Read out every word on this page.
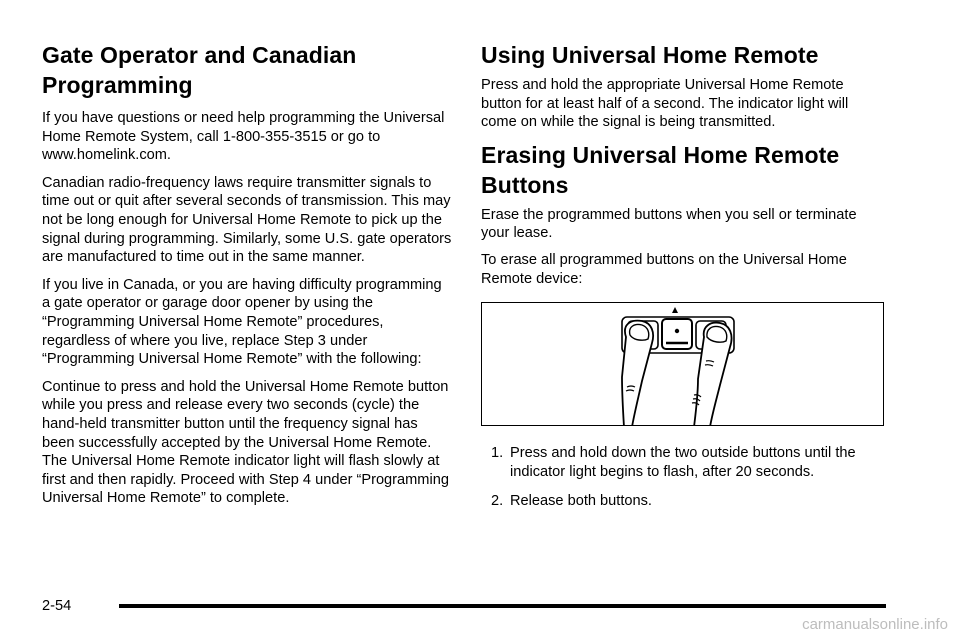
Gate Operator and Canadian Programming

If you have questions or need help programming the Universal Home Remote System, call 1-800-355-3515 or go to www.homelink.com.

Canadian radio-frequency laws require transmitter signals to time out or quit after several seconds of transmission. This may not be long enough for Universal Home Remote to pick up the signal during programming. Similarly, some U.S. gate operators are manufactured to time out in the same manner.

If you live in Canada, or you are having difficulty programming a gate operator or garage door opener by using the “Programming Universal Home Remote” procedures, regardless of where you live, replace Step 3 under “Programming Universal Home Remote” with the following:

Continue to press and hold the Universal Home Remote button while you press and release every two seconds (cycle) the hand-held transmitter button until the frequency signal has been successfully accepted by the Universal Home Remote. The Universal Home Remote indicator light will flash slowly at first and then rapidly. Proceed with Step 4 under “Programming Universal Home Remote” to complete.

Using Universal Home Remote

Press and hold the appropriate Universal Home Remote button for at least half of a second. The indicator light will come on while the signal is being transmitted.

Erasing Universal Home Remote Buttons

Erase the programmed buttons when you sell or terminate your lease.

To erase all programmed buttons on the Universal Home Remote device:

1. Press and hold down the two outside buttons until the indicator light begins to flash, after 20 seconds.
2. Release both buttons.
2-54
carmanualsonline.info
